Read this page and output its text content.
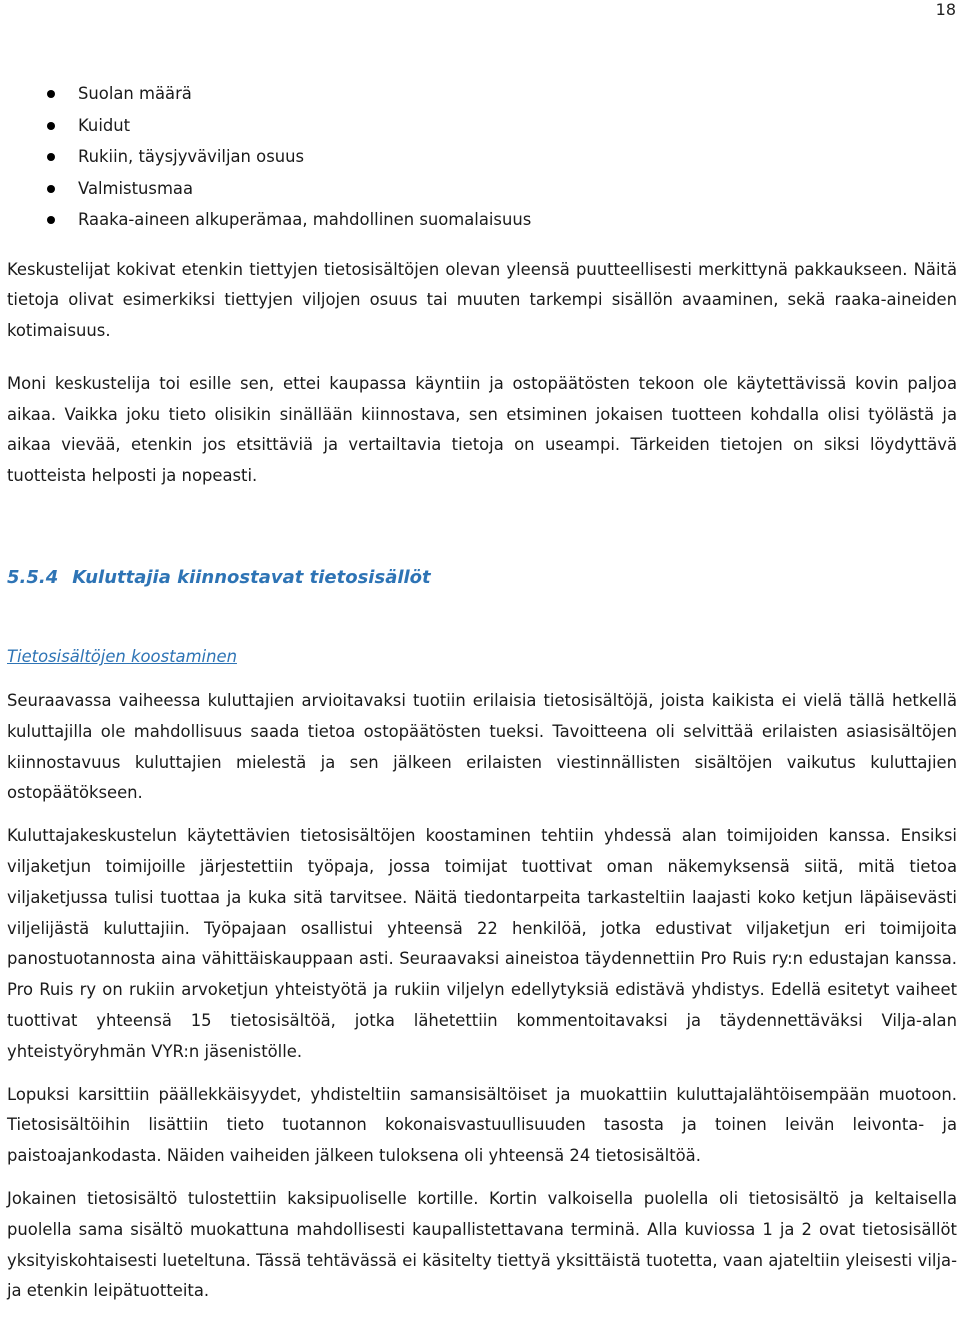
18
Suolan määrä
Kuidut
Rukiin, täysjyväviljan osuus
Valmistusmaa
Raaka-aineen alkuperämaa, mahdollinen suomalaisuus

Keskustelijat kokivat etenkin tiettyjen tietosisältöjen olevan yleensä puutteellisesti merkittynä pakkaukseen. Näitä tietoja olivat esimerkiksi tiettyjen viljojen osuus tai muuten tarkempi sisällön avaaminen, sekä raaka-aineiden kotimaisuus.

Moni keskustelija toi esille sen, ettei kaupassa käyntiin ja ostopäätösten tekoon ole käytettävissä kovin paljoa aikaa. Vaikka joku tieto olisikin sinällään kiinnostava, sen etsiminen jokaisen tuotteen kohdalla olisi työlästä ja aikaa vievää, etenkin jos etsittäviä ja vertailtavia tietoja on useampi. Tärkeiden tietojen on siksi löydyttävä tuotteista helposti ja nopeasti.

5.5.4 Kuluttajia kiinnostavat tietosisällöt
Tietosisältöjen koostaminen

Seuraavassa vaiheessa kuluttajien arvioitavaksi tuotiin erilaisia tietosisältöjä, joista kaikista ei vielä tällä hetkellä kuluttajilla ole mahdollisuus saada tietoa ostopäätösten tueksi. Tavoitteena oli selvittää erilaisten asiasisältöjen kiinnostavuus kuluttajien mielestä ja sen jälkeen erilaisten viestinnällisten sisältöjen vaikutus kuluttajien ostopäätökseen.

Kuluttajakeskustelun käytettävien tietosisältöjen koostaminen tehtiin yhdessä alan toimijoiden kanssa. Ensiksi viljaketjun toimijoille järjestettiin työpaja, jossa toimijat tuottivat oman näkemyksensä siitä, mitä tietoa viljaketjussa tulisi tuottaa ja kuka sitä tarvitsee. Näitä tiedontarpeita tarkasteltiin laajasti koko ketjun läpäisevästi viljelijästä kuluttajiin. Työpajaan osallistui yhteensä 22 henkilöä, jotka edustivat viljaketjun eri toimijoita panostuotannosta aina vähittäiskauppaan asti. Seuraavaksi aineistoa täydennettiin Pro Ruis ry:n edustajan kanssa. Pro Ruis ry on rukiin arvoketjun yhteistyötä ja rukiin viljelyn edellytyksiä edistävä yhdistys. Edellä esitetyt vaiheet tuottivat yhteensä 15 tietosisältöä, jotka lähetettiin kommentoitavaksi ja täydennettäväksi Vilja-alan yhteistyöryhmän VYR:n jäsenistölle.

Lopuksi karsittiin päällekkäisyydet, yhdisteltiin samansisältöiset ja muokattiin kuluttajalähtöisempään muotoon. Tietosisältöihin lisättiin tieto tuotannon kokonaisvastuullisuuden tasosta ja toinen leivän leivonta- ja paistoajankodasta. Näiden vaiheiden jälkeen tuloksena oli yhteensä 24 tietosisältöä.

Jokainen tietosisältö tulostettiin kaksipuoliselle kortille. Kortin valkoisella puolella oli tietosisältö ja keltaisella puolella sama sisältö muokattuna mahdollisesti kaupallistettavana terminä. Alla kuviossa 1 ja 2 ovat tietosisällöt yksityiskohtaisesti lueteltuna. Tässä tehtävässä ei käsitelty tiettyä yksittäistä tuotetta, vaan ajateltiin yleisesti vilja- ja etenkin leipätuotteita.
